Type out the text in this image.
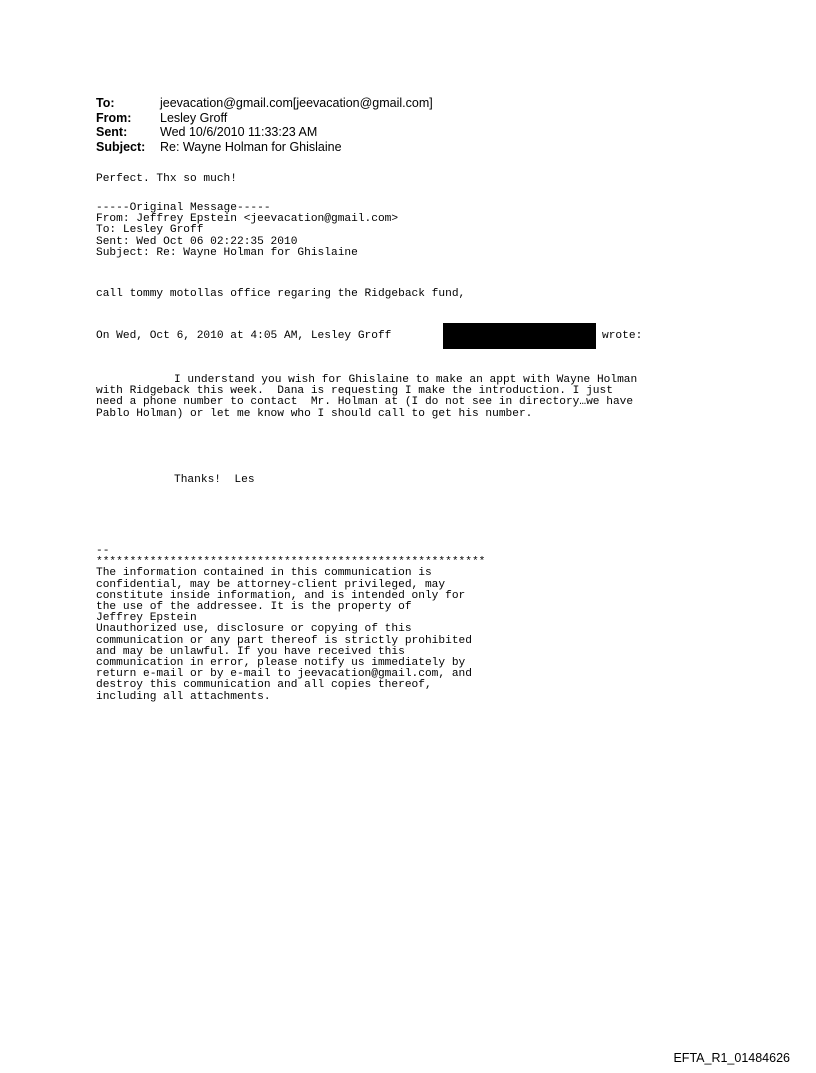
To:	jeevacation@gmail.com[jeevacation@gmail.com]
From:	Lesley Groff
Sent:	Wed 10/6/2010 11:33:23 AM
Subject:	Re: Wayne Holman for Ghislaine
Perfect. Thx so much!
-----Original Message-----
From: Jeffrey Epstein <jeevacation@gmail.com>
To: Lesley Groff
Sent: Wed Oct 06 02:22:35 2010
Subject: Re: Wayne Holman for Ghislaine
call tommy motollas office regaring the Ridgeback fund,
On Wed, Oct 6, 2010 at 4:05 AM, Lesley Groff	wrote:
I understand you wish for Ghislaine to make an appt with Wayne Holman
with Ridgeback this week.  Dana is requesting I make the introduction. I just
need a phone number to contact  Mr. Holman at (I do not see in directory…we have
Pablo Holman) or let me know who I should call to get his number.
Thanks!  Les
--
**********************************************************
The information contained in this communication is
confidential, may be attorney-client privileged, may
constitute inside information, and is intended only for
the use of the addressee. It is the property of
Jeffrey Epstein
Unauthorized use, disclosure or copying of this
communication or any part thereof is strictly prohibited
and may be unlawful. If you have received this
communication in error, please notify us immediately by
return e-mail or by e-mail to jeevacation@gmail.com, and
destroy this communication and all copies thereof,
including all attachments.
EFTA_R1_01484626
